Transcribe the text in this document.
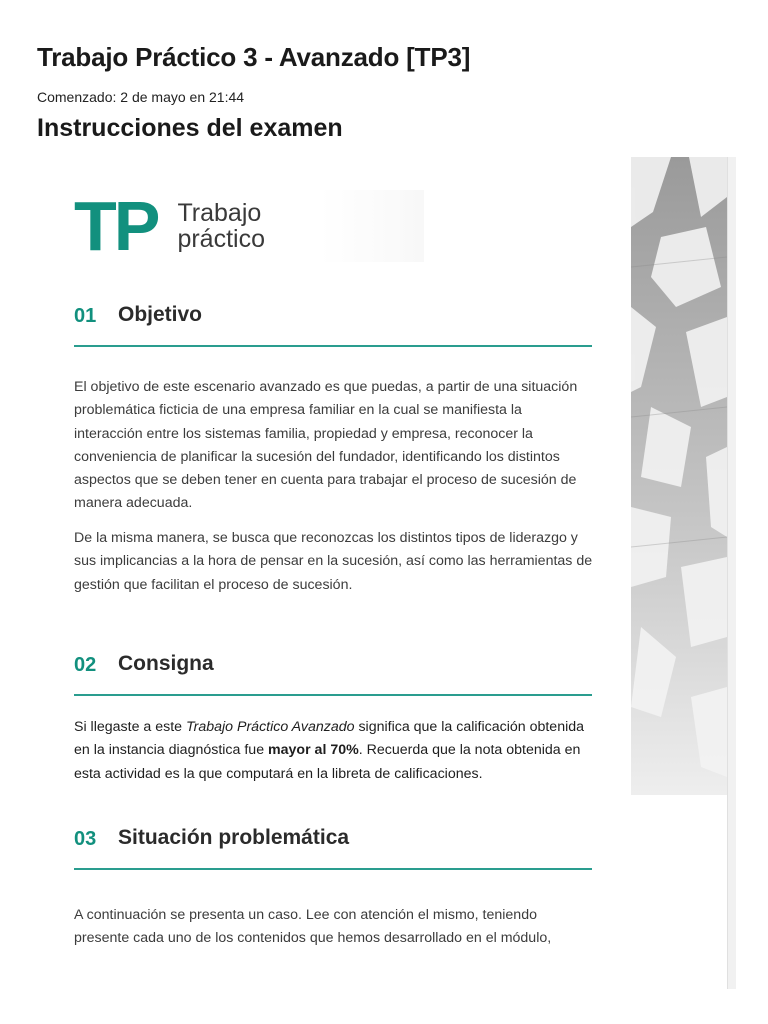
Trabajo Práctico 3 - Avanzado [TP3]
Comenzado: 2 de mayo en 21:44
Instrucciones del examen
TP Trabajo
práctico
01 Objetivo

El objetivo de este escenario avanzado es que puedas, a partir de una situación problemática ficticia de una empresa familiar en la cual se manifiesta la interacción entre los sistemas familia, propiedad y empresa, reconocer la conveniencia de planificar la sucesión del fundador, identificando los distintos aspectos que se deben tener en cuenta para trabajar el proceso de sucesión de manera adecuada.

De la misma manera, se busca que reconozcas los distintos tipos de liderazgo y sus implicancias a la hora de pensar en la sucesión, así como las herramientas de gestión que facilitan el proceso de sucesión.

02 Consigna

Si llegaste a este Trabajo Práctico Avanzado significa que la calificación obtenida en la instancia diagnóstica fue mayor al 70%. Recuerda que la nota obtenida en esta actividad es la que computará en la libreta de calificaciones.

03 Situación problemática

A continuación se presenta un caso. Lee con atención el mismo, teniendo presente cada uno de los contenidos que hemos desarrollado en el módulo,
